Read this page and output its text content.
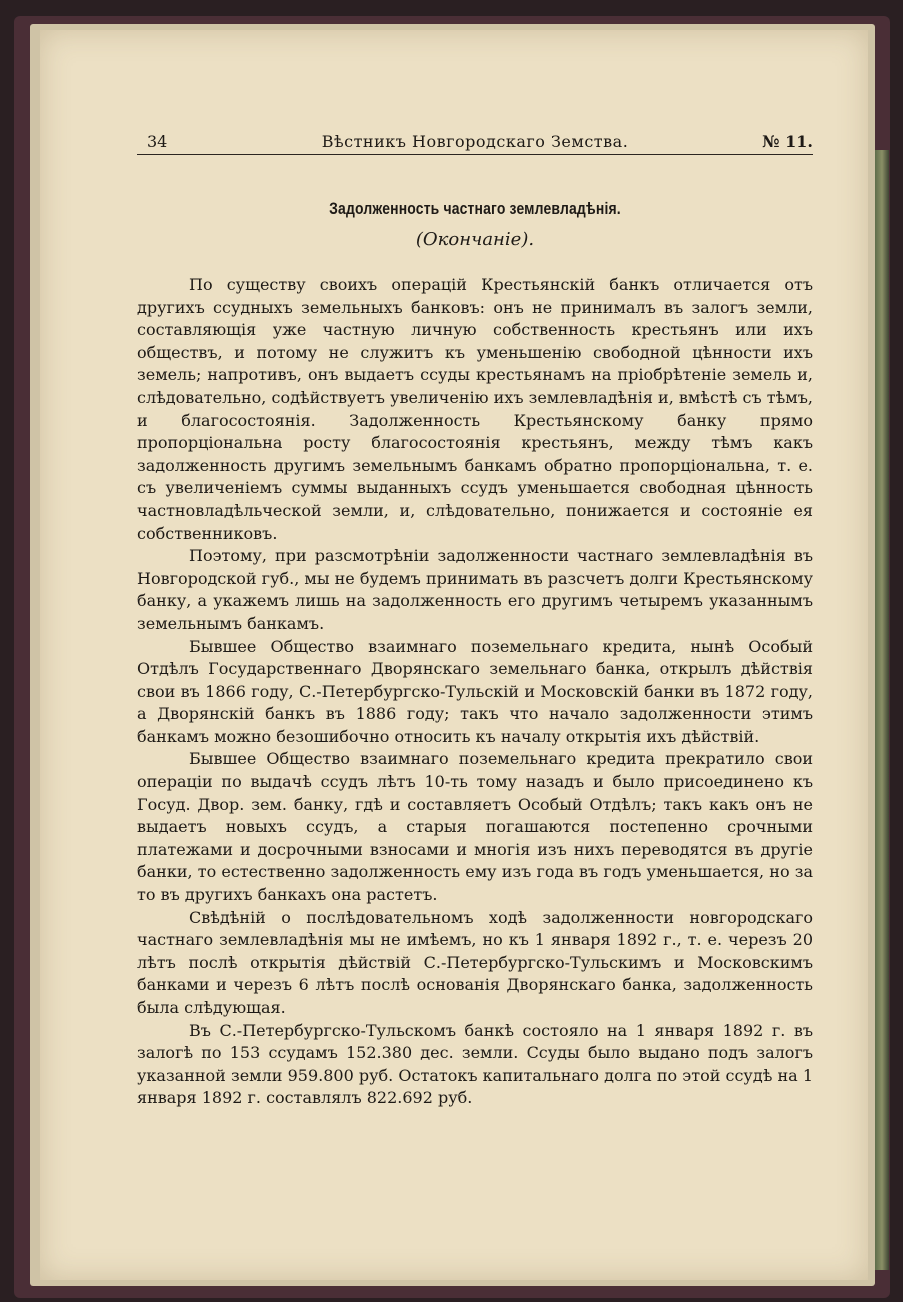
34	Вѣстникъ Новгородскаго Земства.	№ 11.
Задолженность частнаго землевладѣнія.
(Окончаніе).

По существу своихъ операцій Крестьянскій банкъ отличается отъ другихъ ссудныхъ земельныхъ банковъ: онъ не принималъ въ залогъ земли, составляющія уже частную личную собственность крестьянъ или ихъ обществъ, и потому не служитъ къ уменьшенію свободной цѣнности ихъ земель; напротивъ, онъ выдаетъ ссуды крестьянамъ на пріобрѣтеніе земель и, слѣдовательно, содѣйствуетъ увеличенію ихъ землевладѣнія и, вмѣстѣ съ тѣмъ, и благосостоянія. Задолженность Крестьянскому банку прямо пропорціональна росту благосостоянія крестьянъ, между тѣмъ какъ задолженность другимъ земельнымъ банкамъ обратно пропорціональна, т. е. съ увеличеніемъ суммы выданныхъ ссудъ уменьшается свободная цѣнность частновладѣльческой земли, и, слѣдовательно, понижается и состояніе ея собственниковъ.

Поэтому, при разсмотрѣніи задолженности частнаго землевладѣнія въ Новгородской губ., мы не будемъ принимать въ разсчетъ долги Крестьянскому банку, а укажемъ лишь на задолженность его другимъ четыремъ указаннымъ земельнымъ банкамъ.

Бывшее Общество взаимнаго поземельнаго кредита, нынѣ Особый Отдѣлъ Государственнаго Дворянскаго земельнаго банка, открылъ дѣйствія свои въ 1866 году, С.-Петербургско-Тульскій и Московскій банки въ 1872 году, а Дворянскій банкъ въ 1886 году; такъ что начало задолженности этимъ банкамъ можно безошибочно относить къ началу открытія ихъ дѣйствій.

Бывшее Общество взаимнаго поземельнаго кредита прекратило свои операціи по выдачѣ ссудъ лѣтъ 10-ть тому назадъ и было присоединено къ Госуд. Двор. зем. банку, гдѣ и составляетъ Особый Отдѣлъ; такъ какъ онъ не выдаетъ новыхъ ссудъ, а старыя погашаются постепенно срочными платежами и досрочными взносами и многія изъ нихъ переводятся въ другіе банки, то естественно задолженность ему изъ года въ годъ уменьшается, но за то въ другихъ банкахъ она растетъ.

Свѣдѣній о послѣдовательномъ ходѣ задолженности новгородскаго частнаго землевладѣнія мы не имѣемъ, но къ 1 января 1892 г., т. е. черезъ 20 лѣтъ послѣ открытія дѣйствій С.-Петербургско-Тульскимъ и Московскимъ банками и черезъ 6 лѣтъ послѣ основанія Дворянскаго банка, задолженность была слѣдующая.

Въ С.-Петербургско-Тульскомъ банкѣ состояло на 1 января 1892 г. въ залогѣ по 153 ссудамъ 152.380 дес. земли. Ссуды было выдано подъ залогъ указанной земли 959.800 руб. Остатокъ капитальнаго долга по этой ссудѣ на 1 января 1892 г. составлялъ 822.692 руб.
